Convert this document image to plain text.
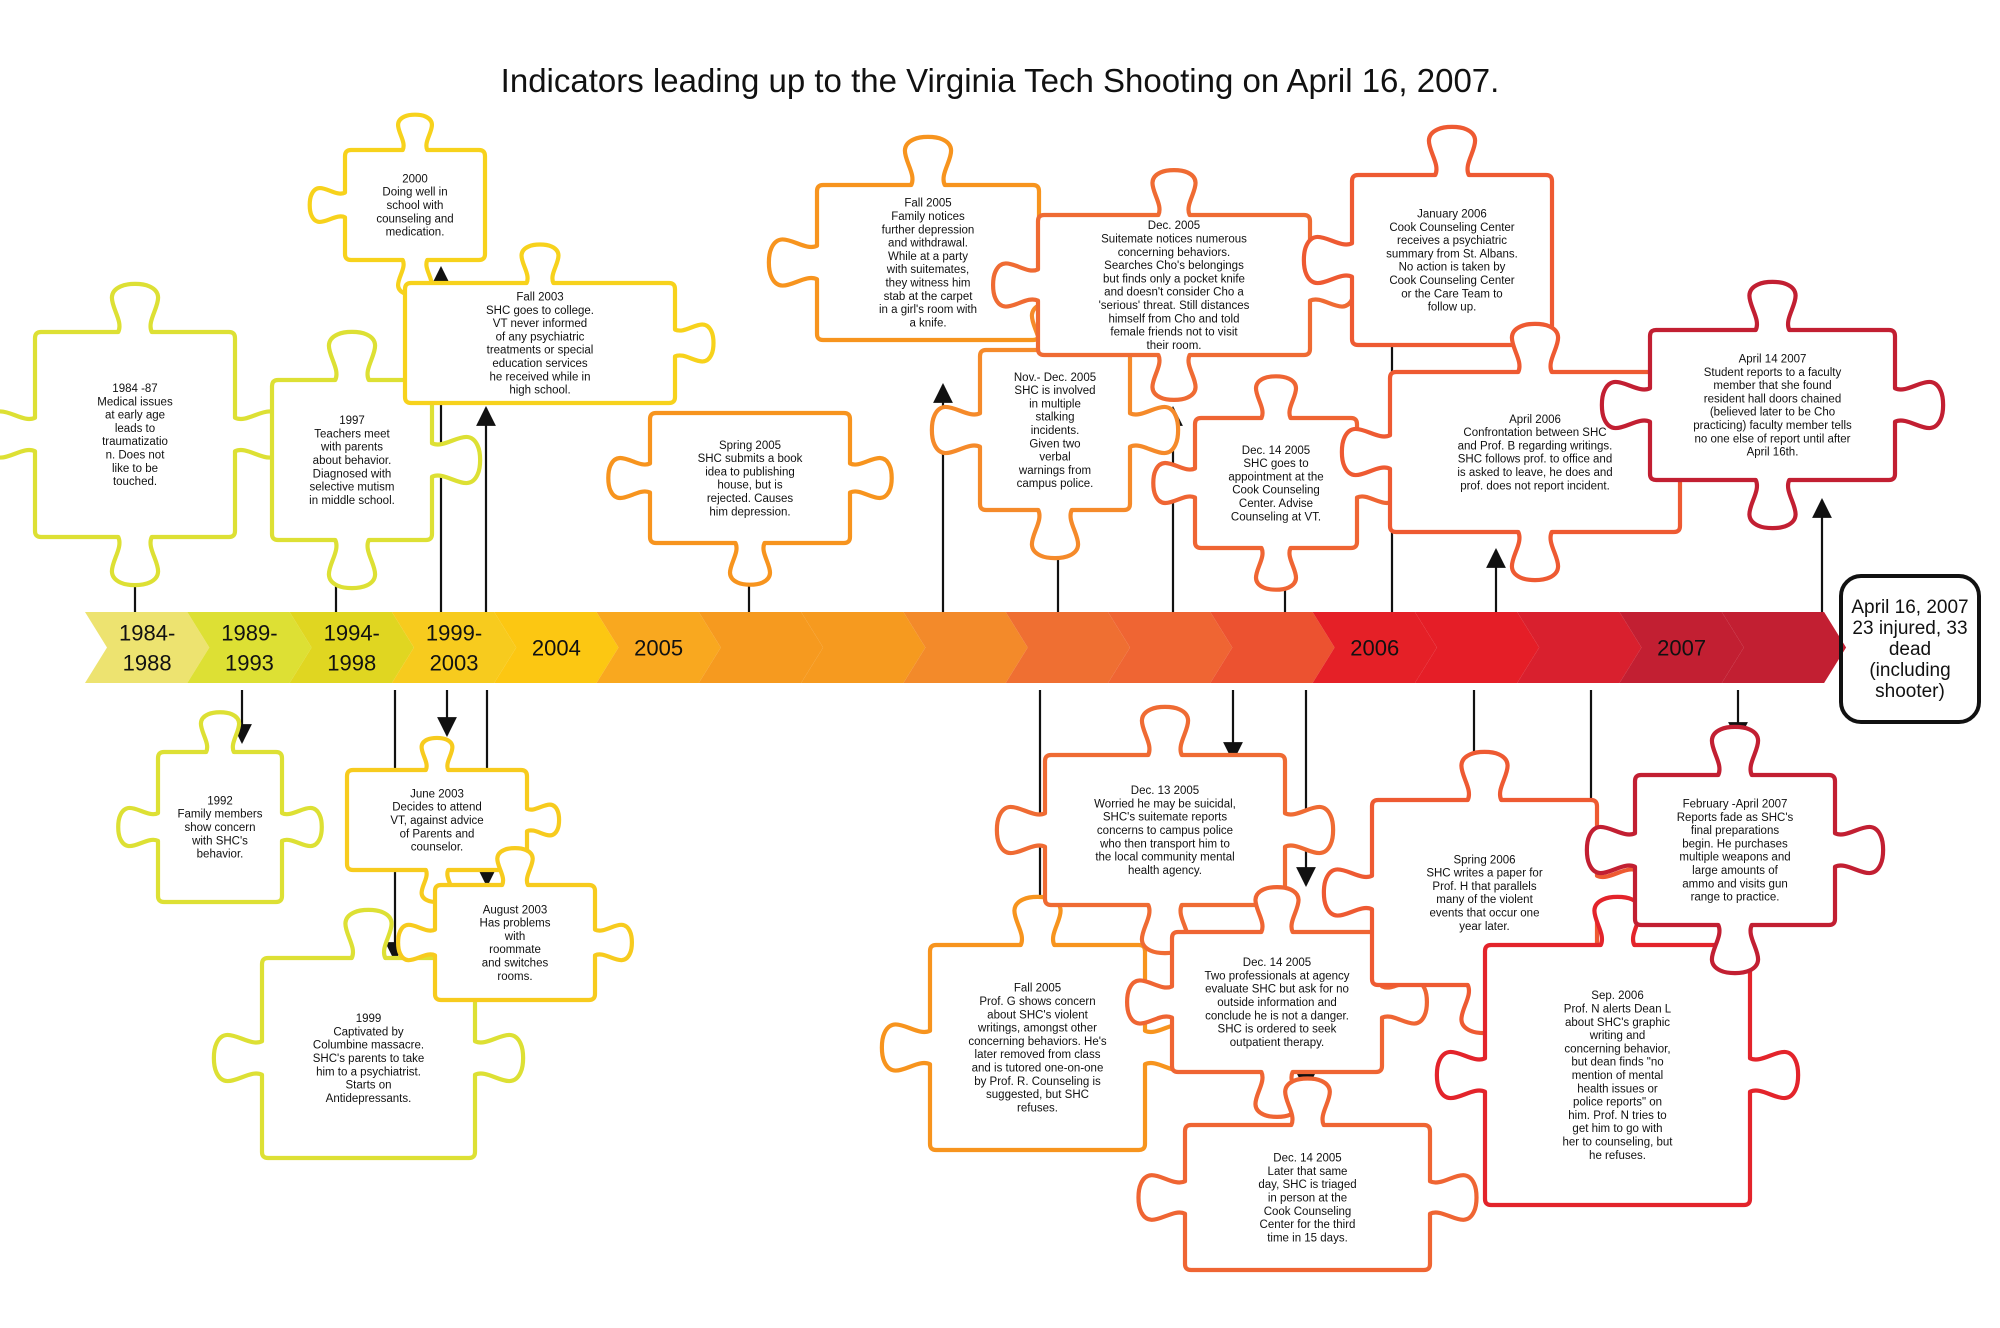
Indicators leading up to the Virginia Tech Shooting on April 16, 2007.
1984-
1988
1989-
1993
1994-
1998
1999-
2003
2004 2005	2006	2007
1984 -87
Medical issues
at early age
leads to
traumatizatio
n. Does not
like to be
touched.
1992
Family members
show concern
with SHC's
behavior.
1997
Teachers meet
with parents
about behavior.
Diagnosed with
selective mutism
in middle school.
1999
Captivated by
Columbine massacre.
SHC's parents to take
him to a psychiatrist.
Starts on
Antidepressants.
2000
Doing well in
school with
counseling and
medication.
Fall 2003
SHC goes to college.
VT never informed
of any psychiatric
treatments or special
education services
he received while in
high school.
June 2003
Decides to attend
VT, against advice
of Parents and
counselor.
August 2003
Has problems
with
roommate
and switches
rooms.
Spring 2005
SHC submits a book
idea to publishing
house, but is
rejected. Causes
him depression.
Fall 2005
Family notices
further depression
and withdrawal.
While at a party
with suitemates,
they witness him
stab at the carpet
in a girl's room with
a knife.
Nov.- Dec. 2005
SHC is involved
in multiple
stalking
incidents.
Given two
verbal
warnings from
campus police.
Dec. 2005
Suitemate notices numerous
concerning behaviors.
Searches Cho's belongings
but finds only a pocket knife
and doesn't consider Cho a
'serious' threat. Still distances
himself from Cho and told
female friends not to visit
their room.
Fall 2005
Prof. G shows concern
about SHC's violent
writings, amongst other
concerning behaviors. He's
later removed from class
and is tutored one-on-one
by Prof. R. Counseling is
suggested, but SHC
refuses.
Dec. 13 2005
Worried he may be suicidal,
SHC's suitemate reports
concerns to campus police
who then transport him to
the local community mental
health agency.
Dec. 14 2005
SHC goes to
appointment at the
Cook Counseling
Center. Advise
Counseling at VT.
Dec. 14 2005
Two professionals at agency
evaluate SHC but ask for no
outside information and
conclude he is not a danger.
SHC is ordered to seek
outpatient therapy.
Dec. 14 2005
Later that same
day, SHC is triaged
in person at the
Cook Counseling
Center for the third
time in 15 days.
January 2006
Cook Counseling Center
receives a psychiatric
summary from St. Albans.
No action is taken by
Cook Counseling Center
or the Care Team to
follow up.
April 2006
Confrontation between SHC
and Prof. B regarding writings.
SHC follows prof. to office and
is asked to leave, he does and
prof. does not report incident.
Spring 2006
SHC writes a paper for
Prof. H that parallels
many of the violent
events that occur one
year later.
Sep. 2006
Prof. N alerts Dean L
about SHC's graphic
writing and
concerning behavior,
but dean finds "no
mention of mental
health issues or
police reports" on
him. Prof. N tries to
get him to go with
her to counseling, but
he refuses.
April 14 2007
Student reports to a faculty
member that she found
resident hall doors chained
(believed later to be Cho
practicing) faculty member tells
no one else of report until after
April 16th.
February -April 2007
Reports fade as SHC's
final preparations
begin. He purchases
multiple weapons and
large amounts of
ammo and visits gun
range to practice.
April 16, 2007
23 injured, 33
dead
(including
shooter)
